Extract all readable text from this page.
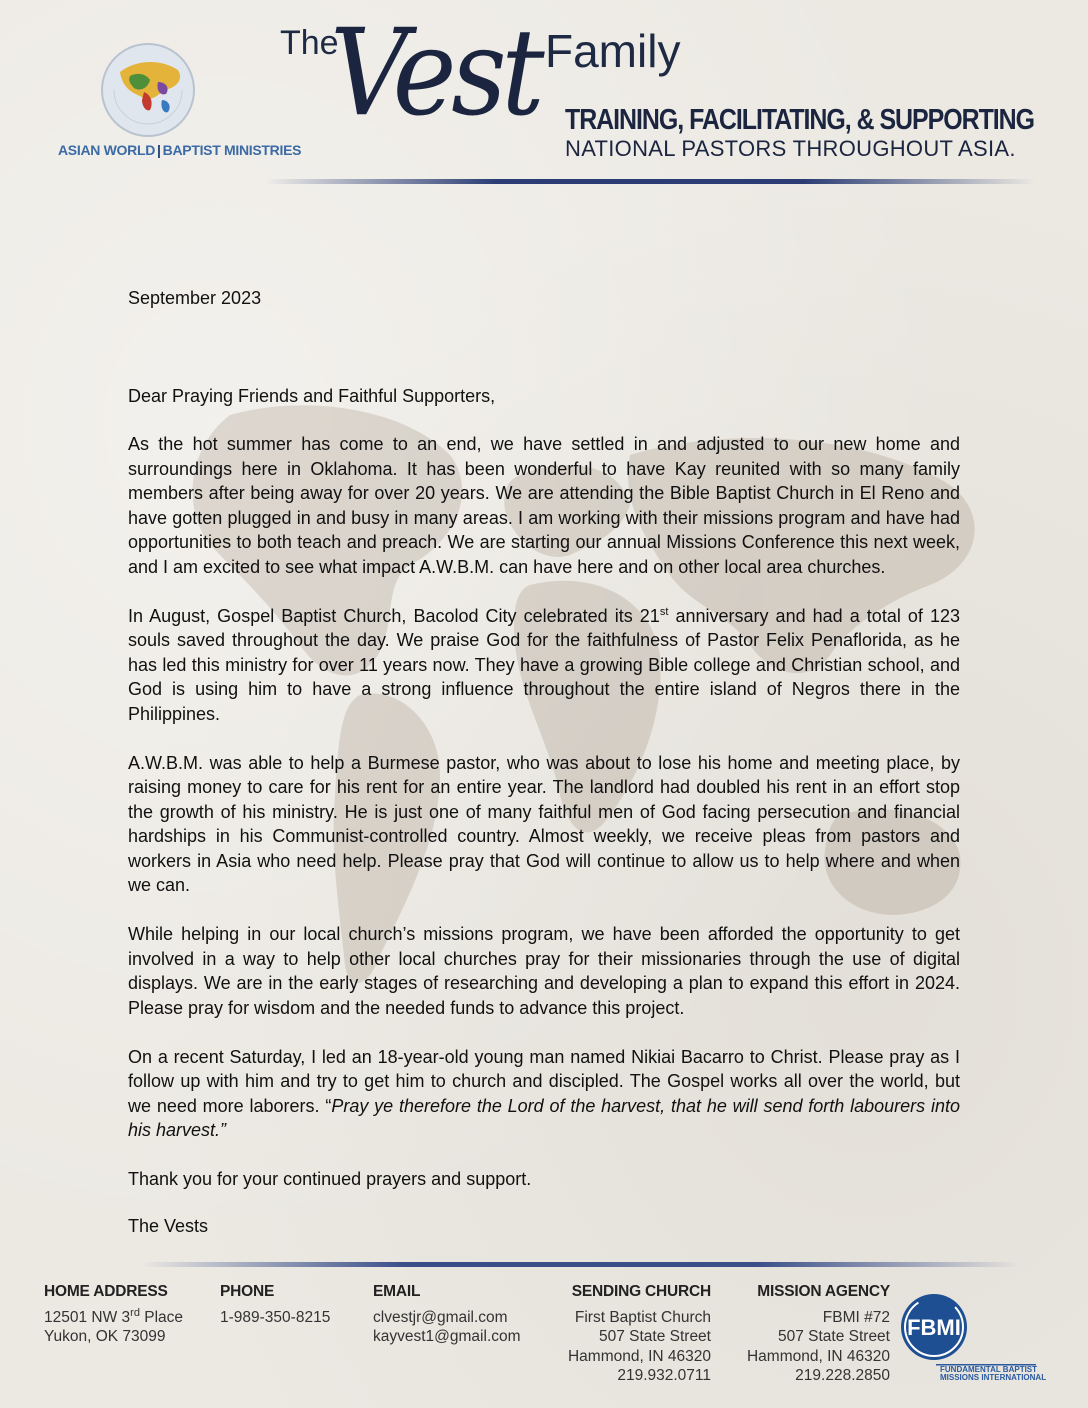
ASIAN WORLD | BAPTIST MINISTRIES
The
Vest Family
TRAINING, FACILITATING, & SUPPORTING
NATIONAL PASTORS THROUGHOUT ASIA.

September 2023

Dear Praying Friends and Faithful Supporters,

As the hot summer has come to an end, we have settled in and adjusted to our new home and surroundings here in Oklahoma. It has been wonderful to have Kay reunited with so many family members after being away for over 20 years. We are attending the Bible Baptist Church in El Reno and have gotten plugged in and busy in many areas. I am working with their missions program and have had opportunities to both teach and preach. We are starting our annual Missions Conference this next week, and I am excited to see what impact A.W.B.M. can have here and on other local area churches.

In August, Gospel Baptist Church, Bacolod City celebrated its 21st anniversary and had a total of 123 souls saved throughout the day. We praise God for the faithfulness of Pastor Felix Penaflorida, as he has led this ministry for over 11 years now. They have a growing Bible college and Christian school, and God is using him to have a strong influence throughout the entire island of Negros there in the Philippines.

A.W.B.M. was able to help a Burmese pastor, who was about to lose his home and meeting place, by raising money to care for his rent for an entire year. The landlord had doubled his rent in an effort stop the growth of his ministry. He is just one of many faithful men of God facing persecution and financial hardships in his Communist-controlled country. Almost weekly, we receive pleas from pastors and workers in Asia who need help. Please pray that God will continue to allow us to help where and when we can.

While helping in our local church’s missions program, we have been afforded the opportunity to get involved in a way to help other local churches pray for their missionaries through the use of digital displays. We are in the early stages of researching and developing a plan to expand this effort in 2024. Please pray for wisdom and the needed funds to advance this project.

On a recent Saturday, I led an 18-year-old young man named Nikiai Bacarro to Christ. Please pray as I follow up with him and try to get him to church and discipled. The Gospel works all over the world, but we need more laborers. “Pray ye therefore the Lord of the harvest, that he will send forth labourers into his harvest.”

Thank you for your continued prayers and support.

The Vests

HOME ADDRESS
12501 NW 3rd Place
Yukon, OK 73099
PHONE
1-989-350-8215
EMAIL
clvestjr@gmail.com
kayvest1@gmail.com
SENDING CHURCH
First Baptist Church
507 State Street
Hammond, IN 46320
219.932.0711
MISSION AGENCY
FBMI #72
507 State Street
Hammond, IN 46320
219.228.2850
FBMI
FUNDAMENTAL BAPTIST
MISSIONS INTERNATIONAL
